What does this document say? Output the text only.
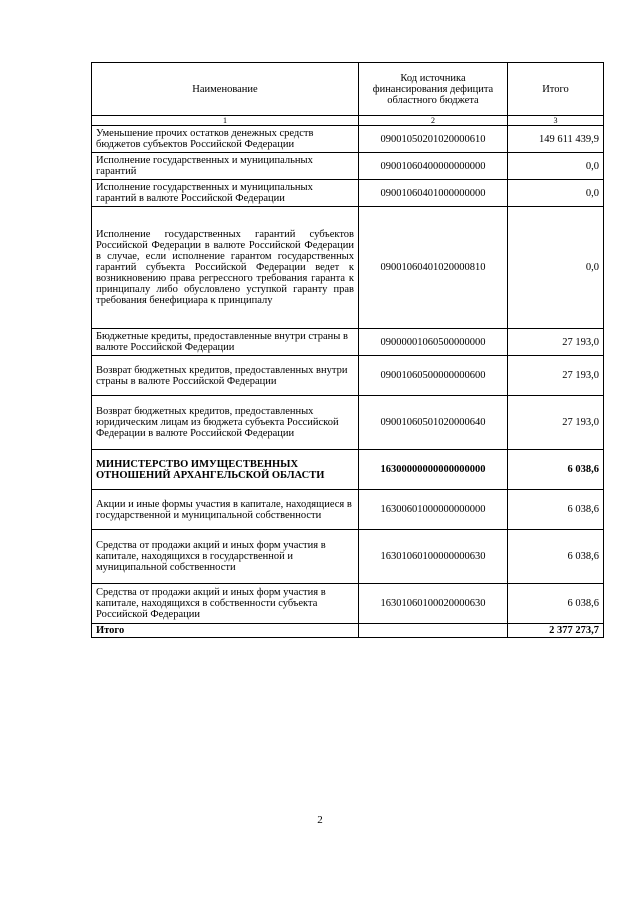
Наименование	Код источника финансирования дефицита областного бюджета	Итого
1	2	3
Уменьшение прочих остатков денежных средств бюджетов субъектов Российской Федерации	09001050201020000610	149 611 439,9
Исполнение государственных и муниципальных гарантий	09001060400000000000	0,0
Исполнение государственных и муниципальных гарантий в валюте Российской Федерации	09001060401000000000	0,0
Исполнение государственных гарантий субъектов Российской Федерации в валюте Российской Федерации в случае, если исполнение гарантом государственных гарантий субъекта Российской Федерации ведет к возникновению права регрессного требования гаранта к принципалу либо обусловлено уступкой гаранту прав требования бенефициара к принципалу	09001060401020000810	0,0
Бюджетные кредиты, предоставленные внутри страны в валюте Российской Федерации	09000001060500000000	27 193,0
Возврат бюджетных кредитов, предоставленных внутри страны в валюте Российской Федерации	09001060500000000600	27 193,0
Возврат бюджетных кредитов, предоставленных юридическим лицам из бюджета субъекта Российской Федерации в валюте Российской Федерации	09001060501020000640	27 193,0
МИНИСТЕРСТВО ИМУЩЕСТВЕННЫХ ОТНОШЕНИЙ АРХАНГЕЛЬСКОЙ ОБЛАСТИ	16300000000000000000	6 038,6
Акции и иные формы участия в капитале, находящиеся в государственной и муниципальной собственности	16300601000000000000	6 038,6
Средства от продажи акций и иных форм участия в капитале, находящихся в государственной и муниципальной собственности	16301060100000000630	6 038,6
Средства от продажи акций и иных форм участия в капитале, находящихся в собственности субъекта Российской Федерации	16301060100020000630	6 038,6
Итого		2 377 273,7
2
